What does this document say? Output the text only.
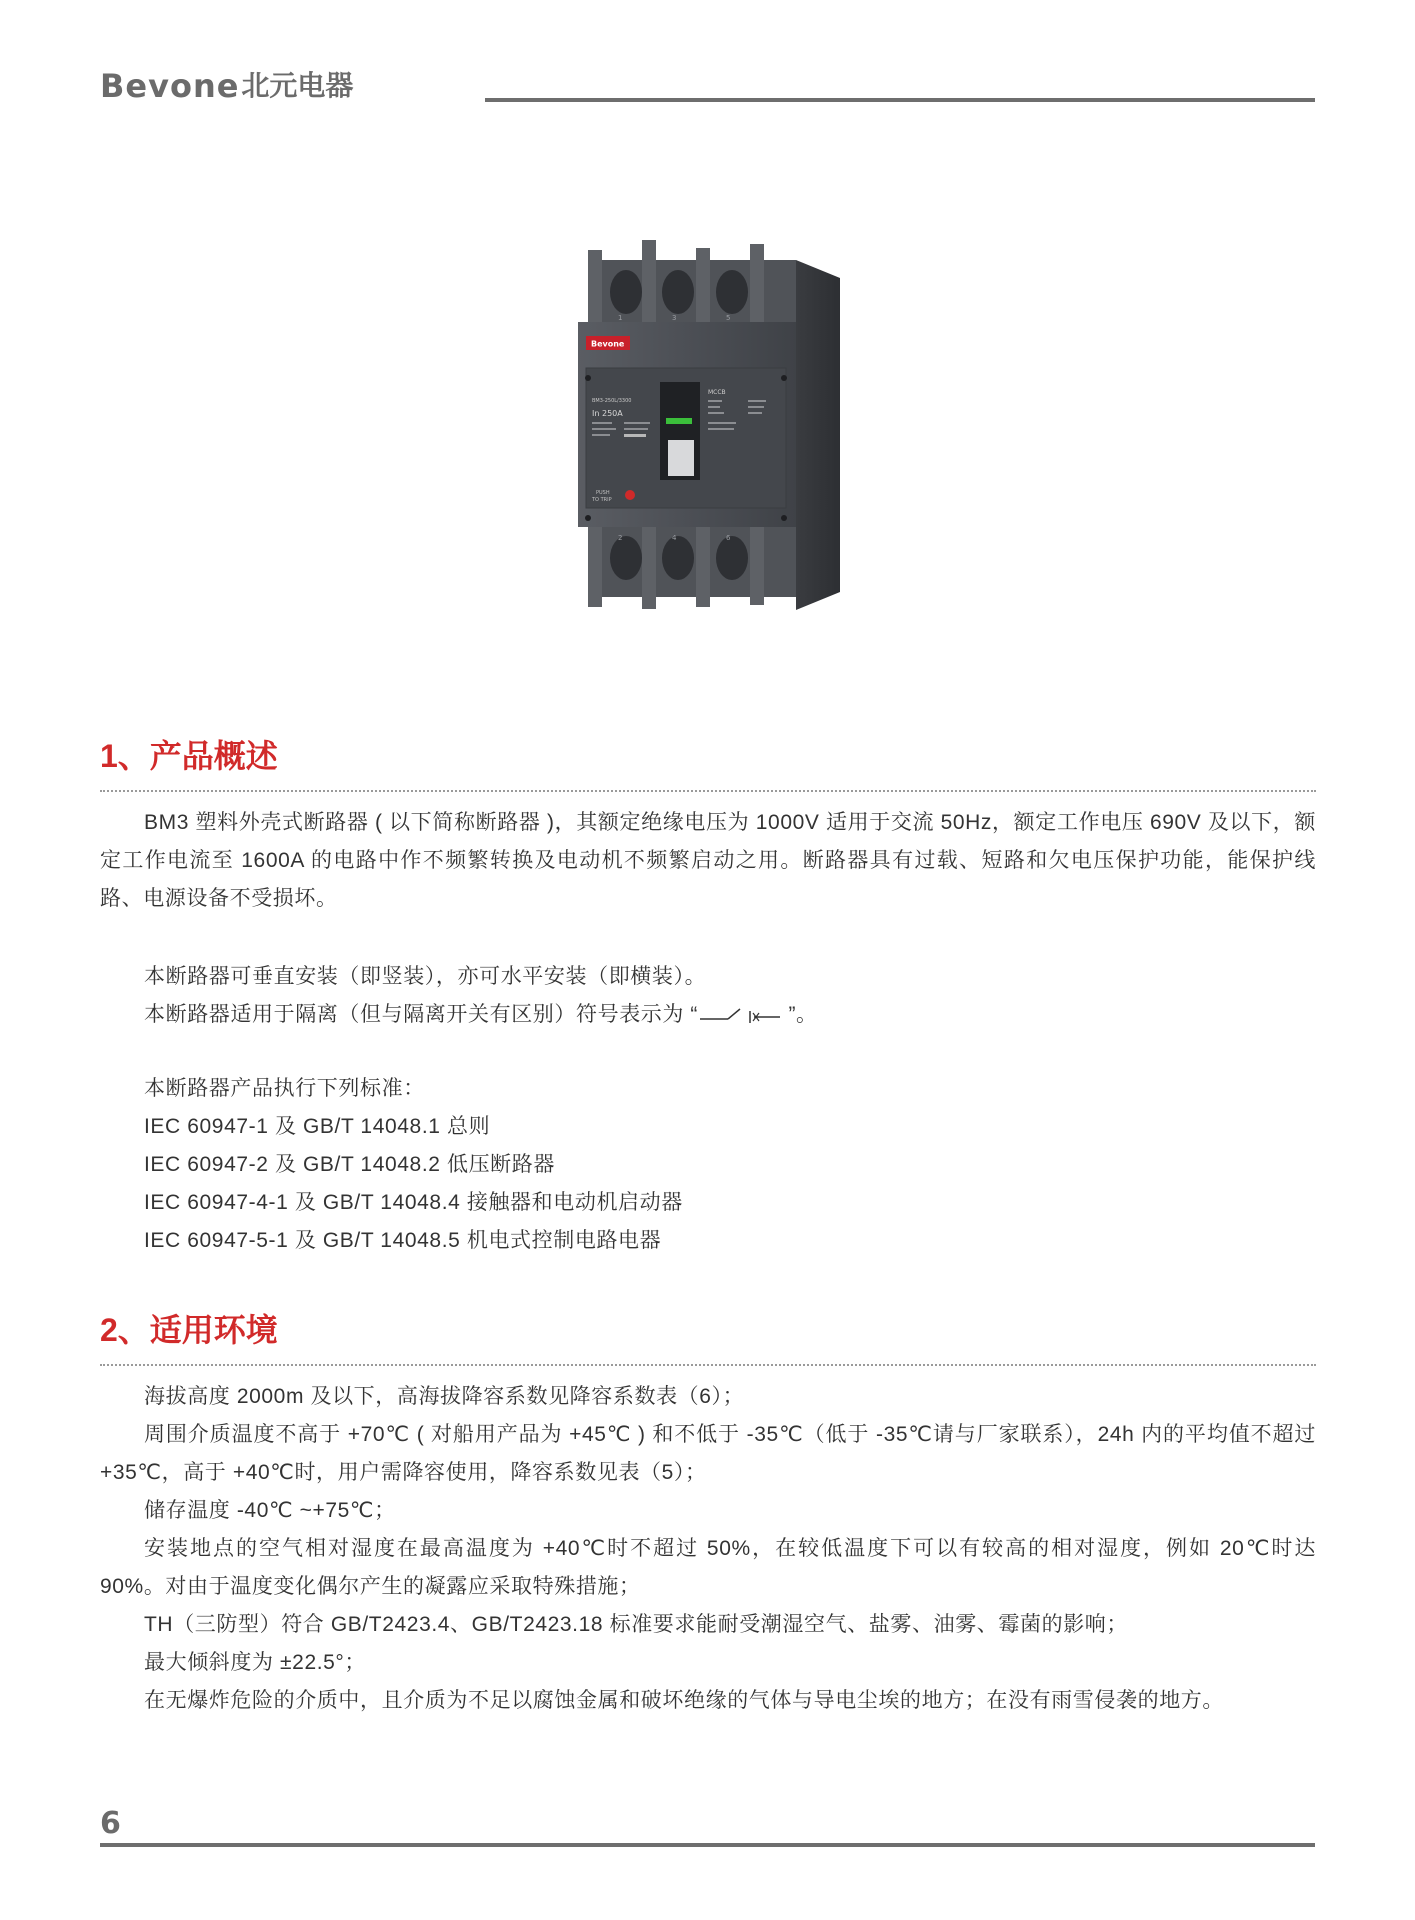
Bevone 北元电器
1	3	5
Bevone
BM3-250L/3300
In 250A
MCCB
PUSH
TO TRIP
2	4	6
1、产品概述

BM3 塑料外壳式断路器 ( 以下简称断路器 )，其额定绝缘电压为 1000V 适用于交流 50Hz，额定工作电压 690V 及以下，额定工作电流至 1600A 的电路中作不频繁转换及电动机不频繁启动之用。断路器具有过载、短路和欠电压保护功能，能保护线路、电源设备不受损坏。

本断路器可垂直安装（即竖装），亦可水平安装（即横装）。

本断路器适用于隔离（但与隔离开关有区别）符号表示为 “	”。

本断路器产品执行下列标准：

IEC 60947-1 及 GB/T 14048.1 总则

IEC 60947-2 及 GB/T 14048.2 低压断路器

IEC 60947-4-1 及 GB/T 14048.4 接触器和电动机启动器

IEC 60947-5-1 及 GB/T 14048.5 机电式控制电路电器

2、适用环境

海拔高度 2000m 及以下，高海拔降容系数见降容系数表（6）；

周围介质温度不高于 +70℃ ( 对船用产品为 +45℃ ) 和不低于 -35℃（低于 -35℃请与厂家联系），24h 内的平均值不超过 +35℃，高于 +40℃时，用户需降容使用，降容系数见表（5）；

储存温度 -40℃ ~+75℃；

安装地点的空气相对湿度在最高温度为 +40℃时不超过 50%，在较低温度下可以有较高的相对湿度，例如 20℃时达 90%。对由于温度变化偶尔产生的凝露应采取特殊措施；

TH（三防型）符合 GB/T2423.4、GB/T2423.18 标准要求能耐受潮湿空气、盐雾、油雾、霉菌的影响；

最大倾斜度为 ±22.5°；

在无爆炸危险的介质中，且介质为不足以腐蚀金属和破坏绝缘的气体与导电尘埃的地方；在没有雨雪侵袭的地方。

6
